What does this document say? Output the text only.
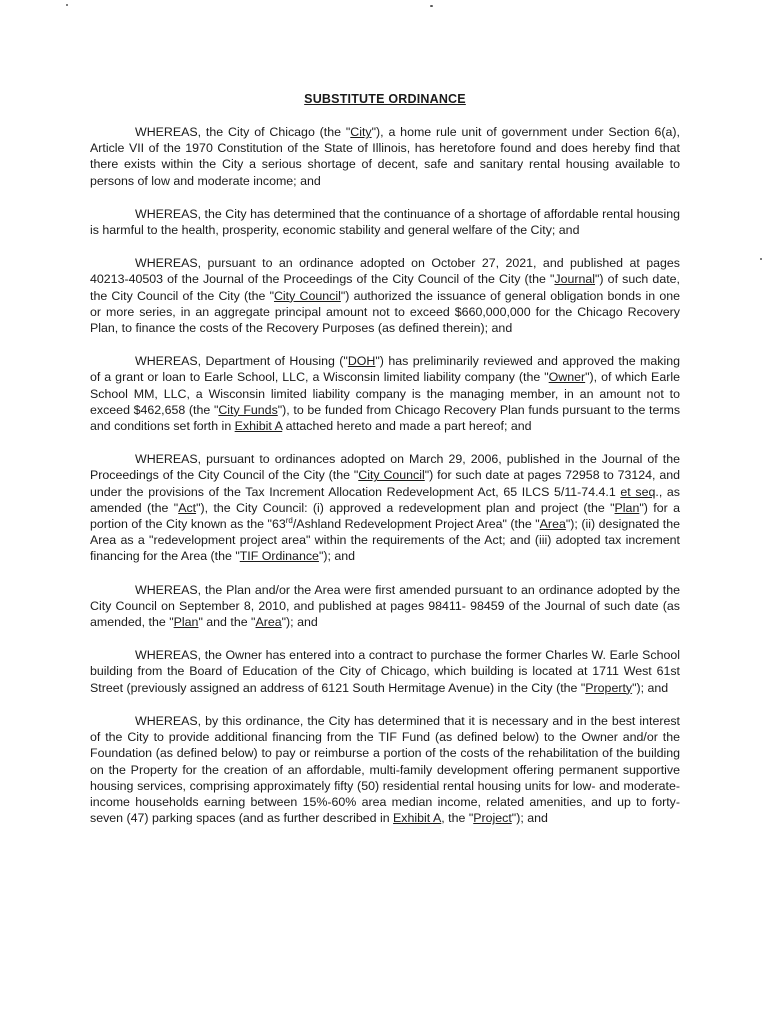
SUBSTITUTE ORDINANCE

WHEREAS, the City of Chicago (the "City"), a home rule unit of government under Section 6(a), Article VII of the 1970 Constitution of the State of Illinois, has heretofore found and does hereby find that there exists within the City a serious shortage of decent, safe and sanitary rental housing available to persons of low and moderate income; and

WHEREAS, the City has determined that the continuance of a shortage of affordable rental housing is harmful to the health, prosperity, economic stability and general welfare of the City; and

WHEREAS, pursuant to an ordinance adopted on October 27, 2021, and published at pages 40213-40503 of the Journal of the Proceedings of the City Council of the City (the "Journal") of such date, the City Council of the City (the "City Council") authorized the issuance of general obligation bonds in one or more series, in an aggregate principal amount not to exceed $660,000,000 for the Chicago Recovery Plan, to finance the costs of the Recovery Purposes (as defined therein); and

WHEREAS, Department of Housing ("DOH") has preliminarily reviewed and approved the making of a grant or loan to Earle School, LLC, a Wisconsin limited liability company (the "Owner"), of which Earle School MM, LLC, a Wisconsin limited liability company is the managing member, in an amount not to exceed $462,658 (the "City Funds"), to be funded from Chicago Recovery Plan funds pursuant to the terms and conditions set forth in Exhibit A attached hereto and made a part hereof; and

WHEREAS, pursuant to ordinances adopted on March 29, 2006, published in the Journal of the Proceedings of the City Council of the City (the "City Council") for such date at pages 72958 to 73124, and under the provisions of the Tax Increment Allocation Redevelopment Act, 65 ILCS 5/11-74.4.1 et seq., as amended (the "Act"), the City Council: (i) approved a redevelopment plan and project (the "Plan") for a portion of the City known as the "63rd/Ashland Redevelopment Project Area" (the "Area"); (ii) designated the Area as a "redevelopment project area" within the requirements of the Act; and (iii) adopted tax increment financing for the Area (the "TIF Ordinance"); and

WHEREAS, the Plan and/or the Area were first amended pursuant to an ordinance adopted by the City Council on September 8, 2010, and published at pages 98411- 98459 of the Journal of such date (as amended, the "Plan" and the "Area"); and

WHEREAS, the Owner has entered into a contract to purchase the former Charles W. Earle School building from the Board of Education of the City of Chicago, which building is located at 1711 West 61st Street (previously assigned an address of 6121 South Hermitage Avenue) in the City (the "Property"); and

WHEREAS, by this ordinance, the City has determined that it is necessary and in the best interest of the City to provide additional financing from the TIF Fund (as defined below) to the Owner and/or the Foundation (as defined below) to pay or reimburse a portion of the costs of the rehabilitation of the building on the Property for the creation of an affordable, multi-family development offering permanent supportive housing services, comprising approximately fifty (50) residential rental housing units for low- and moderate-income households earning between 15%-60% area median income, related amenities, and up to forty-seven (47) parking spaces (and as further described in Exhibit A, the "Project"); and
